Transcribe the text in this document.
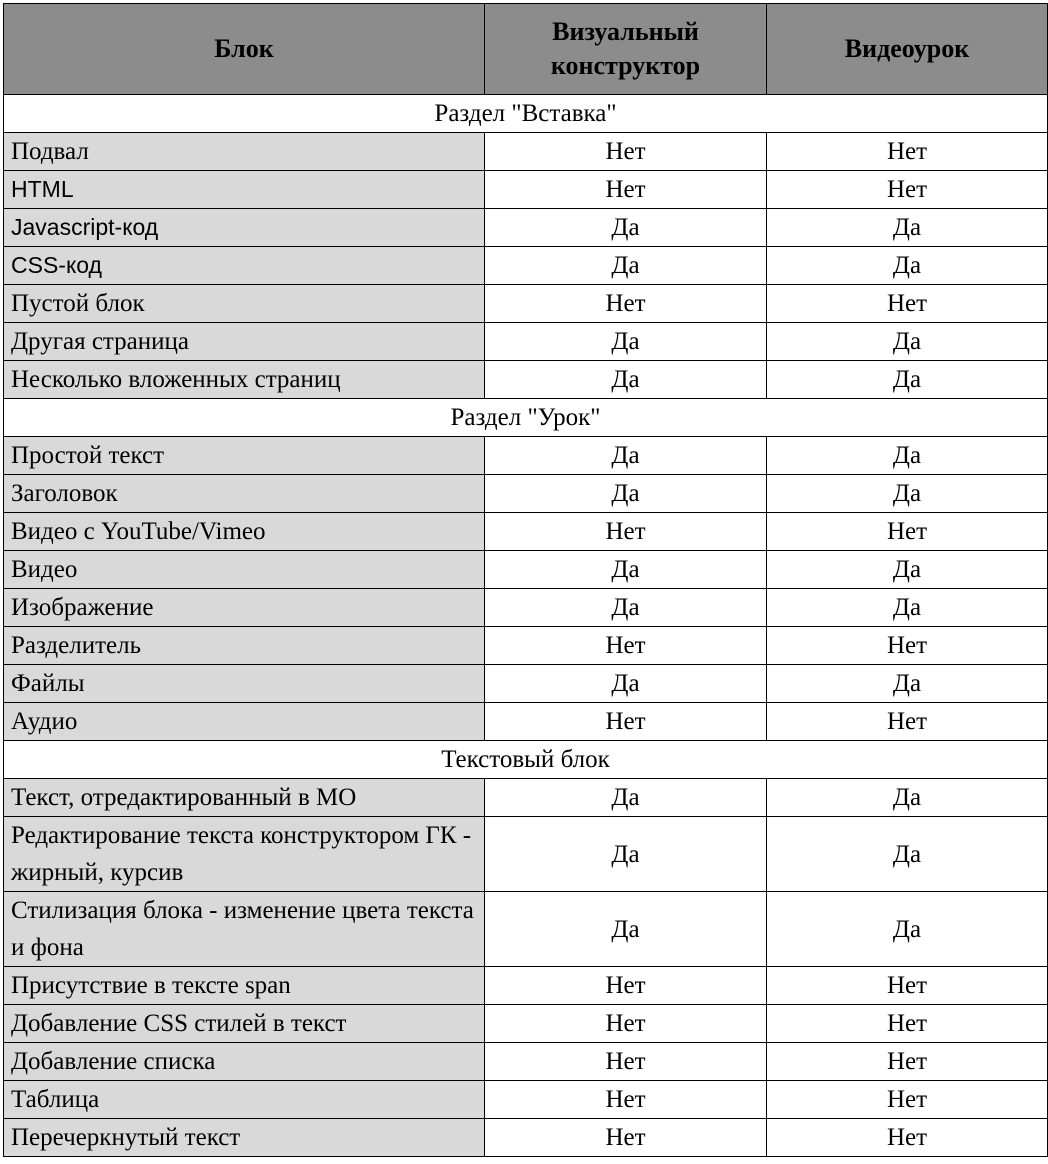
Блок	Визуальный конструктор	Видеоурок
Раздел "Вставка"		
Подвал	Нет	Нет
HTML	Нет	Нет
Javascript-код	Да	Да
CSS-код	Да	Да
Пустой блок	Нет	Нет
Другая страница	Да	Да
Несколько вложенных страниц	Да	Да
Раздел "Урок"		
Простой текст	Да	Да
Заголовок	Да	Да
Видео с YouTube/Vimeo	Нет	Нет
Видео	Да	Да
Изображение	Да	Да
Разделитель	Нет	Нет
Файлы	Да	Да
Аудио	Нет	Нет
Текстовый блок		
Текст, отредактированный в МО	Да	Да
Редактирование текста конструктором ГК - жирный, курсив	Да	Да
Стилизация блока - изменение цвета текста и фона	Да	Да
Присутствие в тексте span	Нет	Нет
Добавление CSS стилей в текст	Нет	Нет
Добавление списка	Нет	Нет
Таблица	Нет	Нет
Перечеркнутый текст	Нет	Нет
